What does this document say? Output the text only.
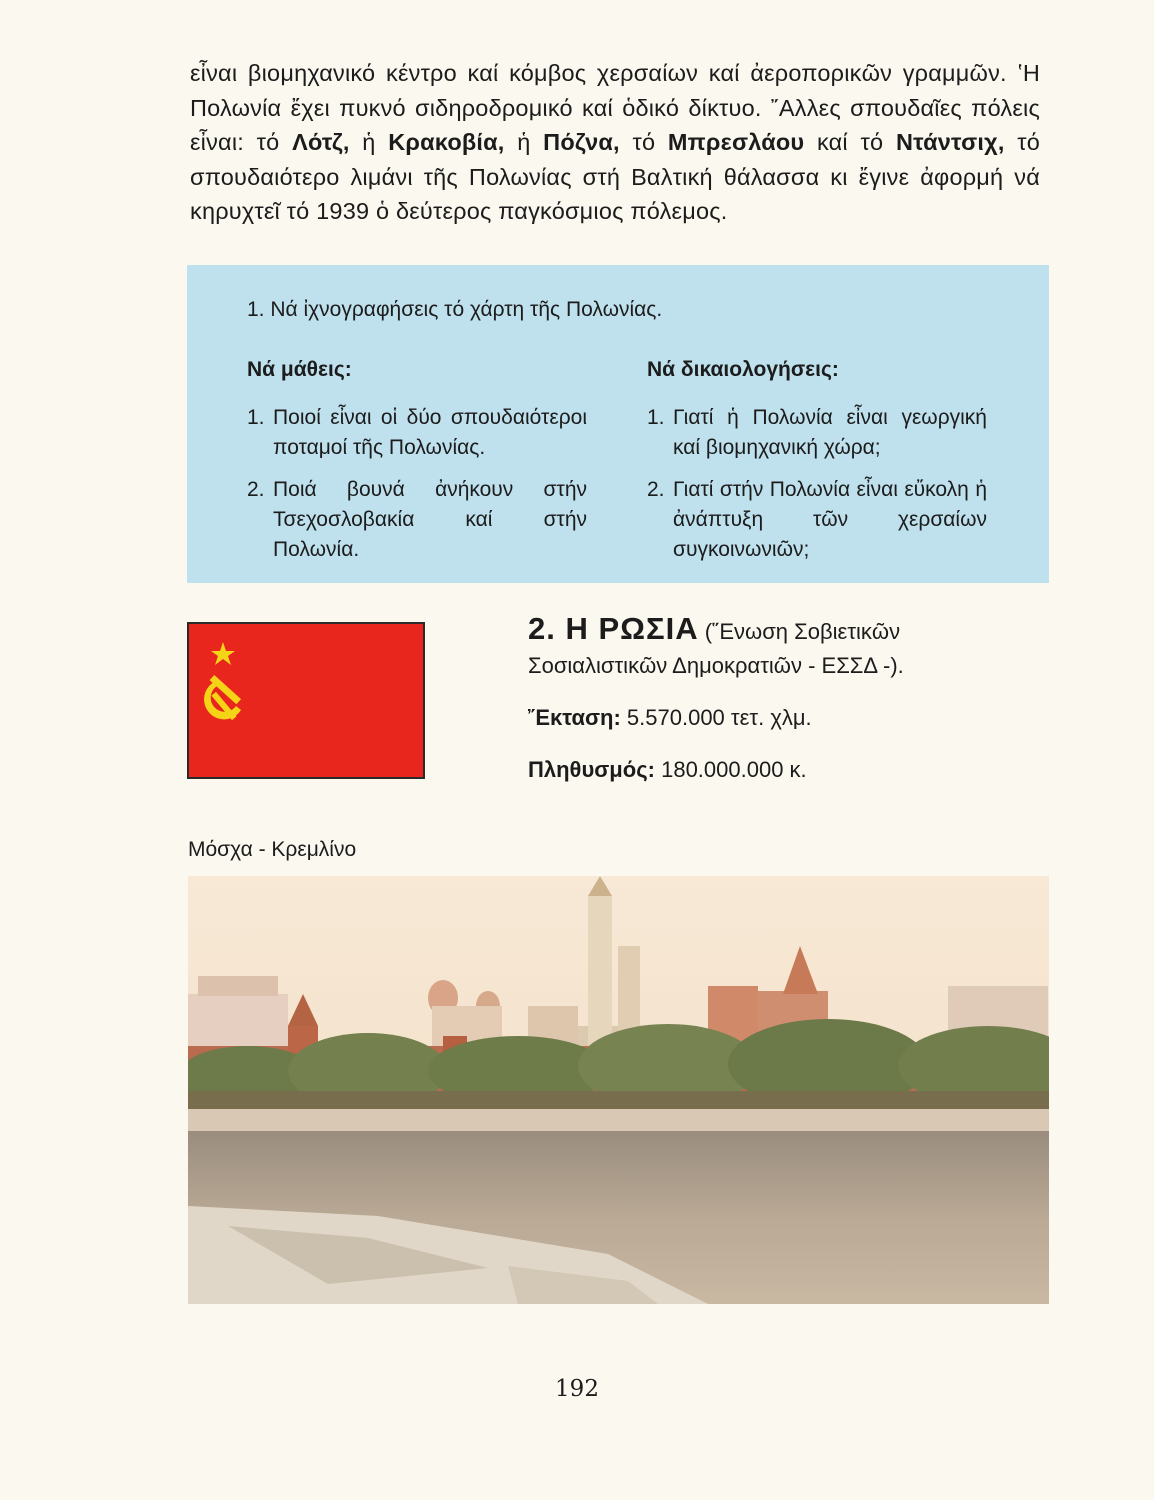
εἶναι βιομηχανικό κέντρο καί κόμβος χερσαίων καί ἀεροπορικῶν γραμμῶν. ʽΗ Πολωνία ἔχει πυκνό σιδηροδρομικό καί ὁδικό δίκτυο. ῎Αλλες σπουδαῖες πόλεις εἶναι: τό Λότζ, ἡ Κρακοβία, ἡ Πόζνα, τό Μπρεσλάου καί τό Ντάντσιχ, τό σπουδαιότερο λιμάνι τῆς Πολωνίας στή Βαλτική θάλασσα κι ἔγινε ἀφορμή νά κηρυχτεῖ τό 1939 ὁ δεύτερος παγκόσμιος πόλεμος.
1. Νά ἰχνογραφήσεις τό χάρτη τῆς Πολωνίας.
Νά μάθεις:
1. Ποιοί εἶναι οἱ δύο σπουδαιότεροι ποταμοί τῆς Πολωνίας.
2. Ποιά βουνά ἀνήκουν στήν Τσεχοσλοβακία καί στήν Πολωνία.
Νά δικαιολογήσεις:
1. Γιατί ἡ Πολωνία εἶναι γεωργική καί βιομηχανική χώρα;
2. Γιατί στήν Πολωνία εἶναι εὔκολη ἡ ἀνάπτυξη τῶν χερσαίων συγκοινωνιῶν;
2. Η ΡΩΣΙΑ (῞Ενωση Σοβιετικῶν
Σοσιαλιστικῶν Δημοκρατιῶν - ΕΣΣΔ -).
῎Εκταση: 5.570.000 τετ. χλμ.
Πληθυσμός: 180.000.000 κ.
Μόσχα - Κρεμλίνο
192
